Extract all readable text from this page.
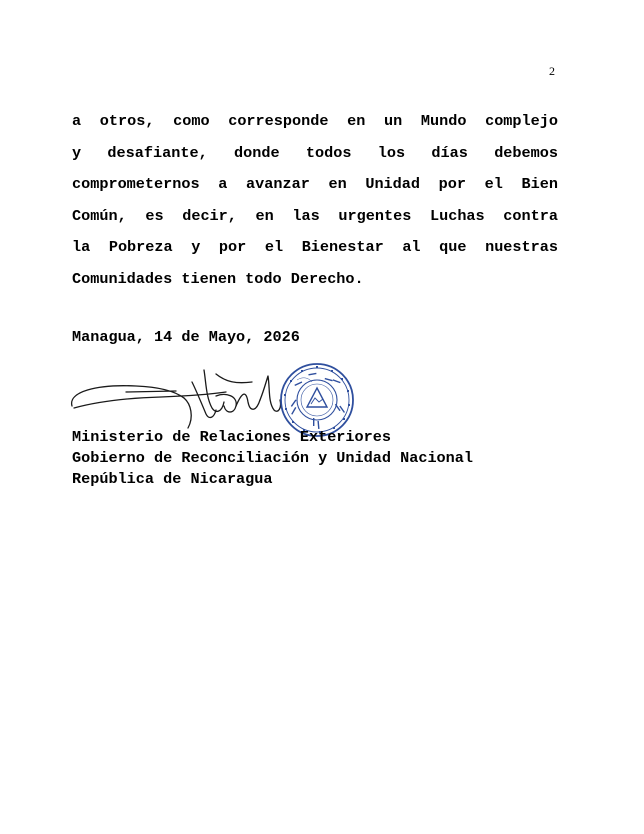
2
a otros, como corresponde en un Mundo complejo
y desafiante, donde todos los días debemos
comprometernos a avanzar en Unidad por el Bien
Común, es decir, en las urgentes Luchas contra
la Pobreza y por el Bienestar al que nuestras
Comunidades tienen todo Derecho.
Managua, 14 de Mayo, 2026
Ministerio de Relaciones Exteriores
Gobierno de Reconciliación y Unidad Nacional
República de Nicaragua
